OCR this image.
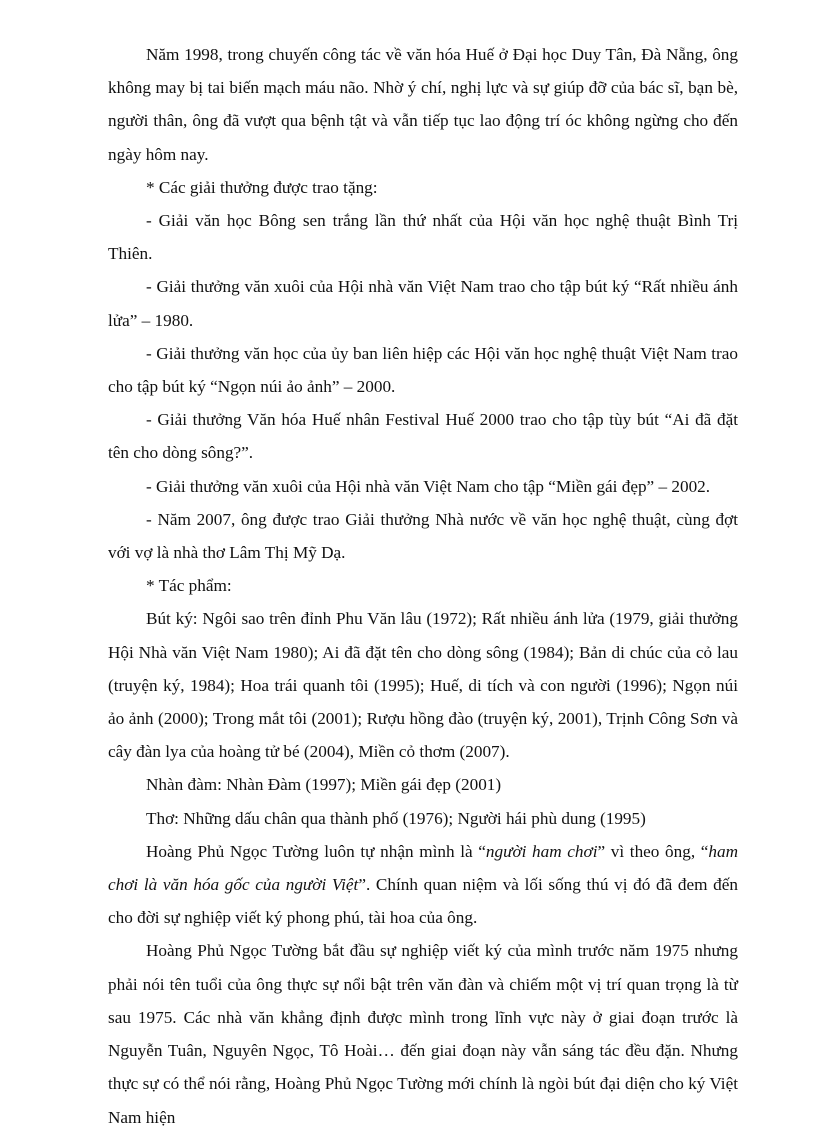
Năm 1998, trong chuyến công tác về văn hóa Huế ở Đại học Duy Tân, Đà Nẵng, ông không may bị tai biến mạch máu não. Nhờ ý chí, nghị lực và sự giúp đỡ của bác sĩ, bạn bè, người thân, ông đã vượt qua bệnh tật và vẫn tiếp tục lao động trí óc không ngừng cho đến ngày hôm nay.

* Các giải thưởng được trao tặng:

- Giải văn học Bông sen trắng lần thứ nhất của Hội văn học nghệ thuật Bình Trị Thiên.

- Giải thưởng văn xuôi của Hội nhà văn Việt Nam trao cho tập bút ký “Rất nhiều ánh lửa” – 1980.

- Giải thưởng văn học của ủy ban liên hiệp các Hội văn học nghệ thuật Việt Nam trao cho tập bút ký “Ngọn núi ảo ảnh” – 2000.

- Giải thưởng Văn hóa Huế nhân Festival Huế 2000 trao cho tập tùy bút “Ai đã đặt tên cho dòng sông?”.

- Giải thưởng văn xuôi của Hội nhà văn Việt Nam cho tập “Miền gái đẹp” – 2002.

- Năm 2007, ông được trao Giải thưởng Nhà nước về văn học nghệ thuật, cùng đợt với vợ là nhà thơ Lâm Thị Mỹ Dạ.

* Tác phẩm:

Bút ký: Ngôi sao trên đỉnh Phu Văn lâu (1972); Rất nhiều ánh lửa (1979, giải thưởng Hội Nhà văn Việt Nam 1980); Ai đã đặt tên cho dòng sông (1984); Bản di chúc của cỏ lau (truyện ký, 1984); Hoa trái quanh tôi (1995); Huế, di tích và con người (1996); Ngọn núi ảo ảnh (2000); Trong mắt tôi (2001); Rượu hồng đào (truyện ký, 2001), Trịnh Công Sơn và cây đàn lya của hoàng tử bé (2004), Miền cỏ thơm (2007).

Nhàn đàm: Nhàn Đàm (1997); Miền gái đẹp (2001)

Thơ: Những dấu chân qua thành phố (1976); Người hái phù dung (1995)

Hoàng Phủ Ngọc Tường luôn tự nhận mình là “người ham chơi” vì theo ông, “ham chơi là văn hóa gốc của người Việt”. Chính quan niệm và lối sống thú vị đó đã đem đến cho đời sự nghiệp viết ký phong phú, tài hoa của ông.

Hoàng Phủ Ngọc Tường bắt đầu sự nghiệp viết ký của mình trước năm 1975 nhưng phải nói tên tuổi của ông thực sự nổi bật trên văn đàn và chiếm một vị trí quan trọng là từ sau 1975. Các nhà văn khẳng định được mình trong lĩnh vực này ở giai đoạn trước là Nguyễn Tuân, Nguyên Ngọc, Tô Hoài… đến giai đoạn này vẫn sáng tác đều đặn. Nhưng thực sự có thể nói rằng, Hoàng Phủ Ngọc Tường mới chính là ngòi bút đại diện cho ký Việt Nam hiện
